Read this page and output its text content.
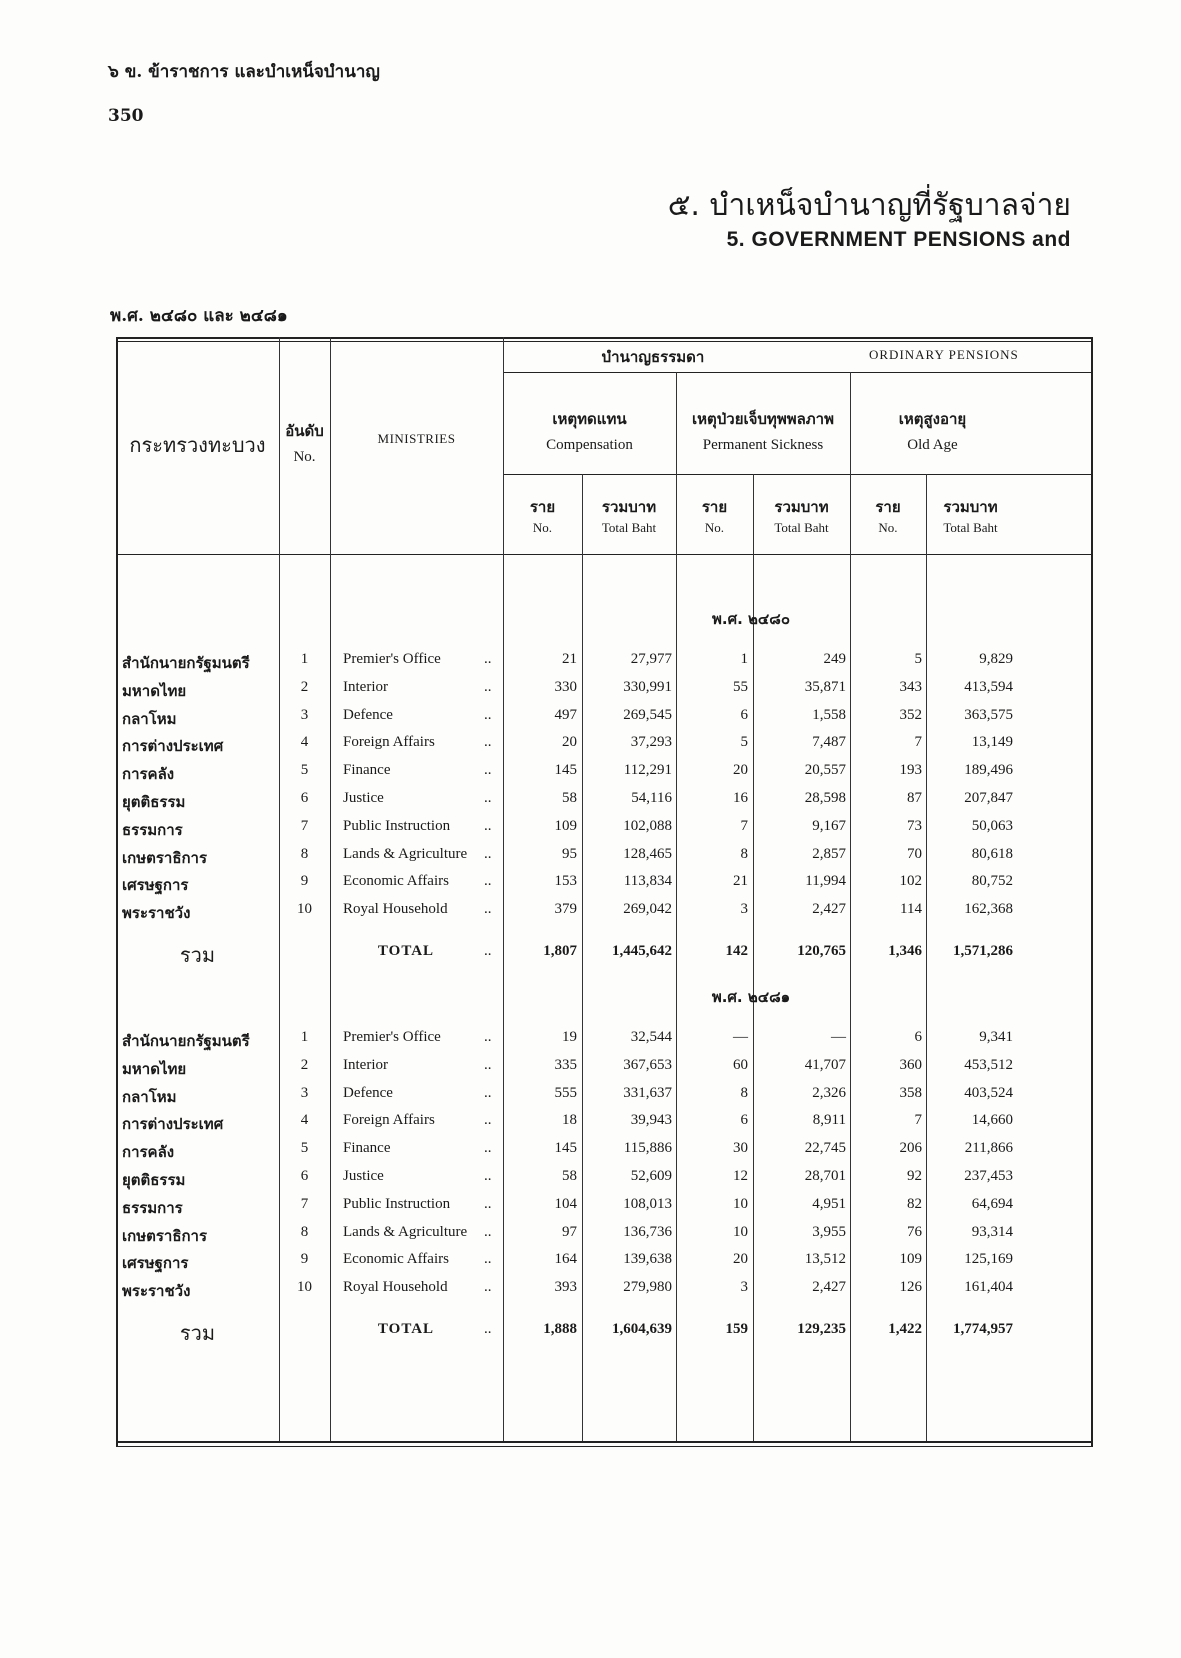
๖ ข. ข้าราชการ และบำเหน็จบำนาญ
350
๕. บำเหน็จบำนาญที่รัฐบาลจ่าย
5. GOVERNMENT PENSIONS and
พ.ศ. ๒๔๘๐ และ ๒๔๘๑
กระทรวงทะบวง
อันดับ
No.
MINISTRIES
บำนาญธรรมดา	ORDINARY PENSIONS
เหตุทดแทน
Compensation
เหตุป่วยเจ็บทุพพลภาพ
Permanent Sickness
เหตุสูงอายุ
Old Age
ราย
No.
รวมบาท
Total Baht
ราย
No.
รวมบาท
Total Baht
ราย
No.
รวมบาท
Total Baht
พ.ศ. ๒๔๘๐
สำนักนายกรัฐมนตรี	1	Premier's Office	..	21	27,977	1	249	5	9,829
มหาดไทย	2	Interior	..	330	330,991	55	35,871	343	413,594
กลาโหม	3	Defence	..	497	269,545	6	1,558	352	363,575
การต่างประเทศ	4	Foreign Affairs	..	20	37,293	5	7,487	7	13,149
การคลัง	5	Finance	..	145	112,291	20	20,557	193	189,496
ยุตติธรรม	6	Justice	..	58	54,116	16	28,598	87	207,847
ธรรมการ	7	Public Instruction	..	109	102,088	7	9,167	73	50,063
เกษตราธิการ	8	Lands & Agriculture	..	95	128,465	8	2,857	70	80,618
เศรษฐการ	9	Economic Affairs	..	153	113,834	21	11,994	102	80,752
พระราชวัง	10	Royal Household	..	379	269,042	3	2,427	114	162,368
รวม	TOTAL	..	1,807	1,445,642	142	120,765	1,346	1,571,286
พ.ศ. ๒๔๘๑
สำนักนายกรัฐมนตรี	1	Premier's Office	..	19	32,544	—	—	6	9,341
มหาดไทย	2	Interior	..	335	367,653	60	41,707	360	453,512
กลาโหม	3	Defence	..	555	331,637	8	2,326	358	403,524
การต่างประเทศ	4	Foreign Affairs	..	18	39,943	6	8,911	7	14,660
การคลัง	5	Finance	..	145	115,886	30	22,745	206	211,866
ยุตติธรรม	6	Justice	..	58	52,609	12	28,701	92	237,453
ธรรมการ	7	Public Instruction	..	104	108,013	10	4,951	82	64,694
เกษตราธิการ	8	Lands & Agriculture	..	97	136,736	10	3,955	76	93,314
เศรษฐการ	9	Economic Affairs	..	164	139,638	20	13,512	109	125,169
พระราชวัง	10	Royal Household	..	393	279,980	3	2,427	126	161,404
รวม	TOTAL	..	1,888	1,604,639	159	129,235	1,422	1,774,957
